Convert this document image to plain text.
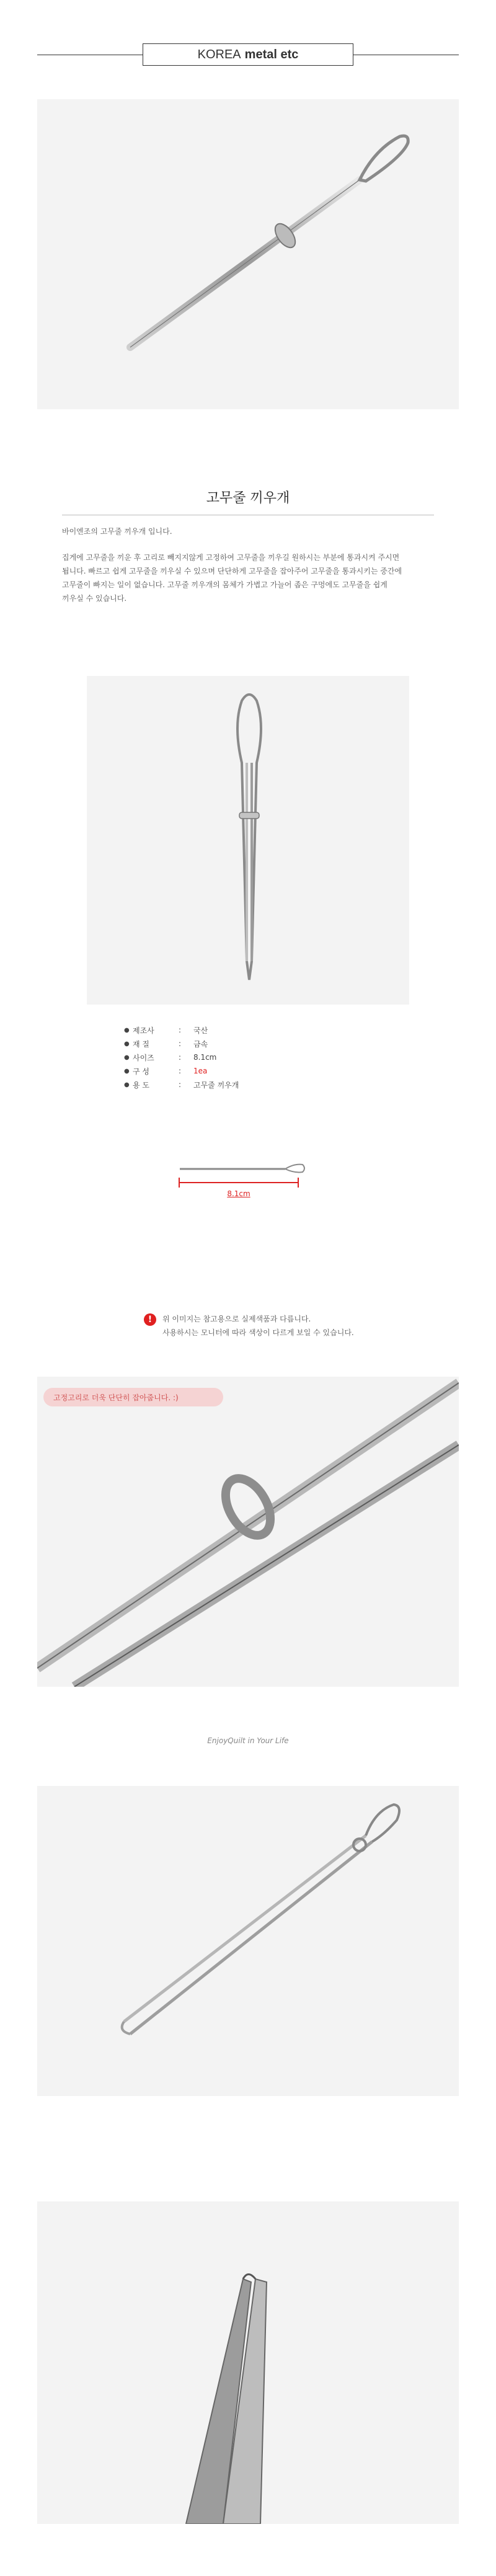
KOREA metal etc
고무줄 끼우개
바이엔조의 고무줄 끼우개 입니다.
집게에 고무줄을 끼운 후 고리로 빼지지않게 고정하여 고무줄을 끼우길 원하시는 부분에 통과시켜 주시면
됩니다. 빠르고 쉽게 고무줄을 끼우실 수 있으며 단단하게 고무줄을 잡아주어 고무줄을 통과시키는 중간에
고무줄이 빠지는 일이 없습니다. 고무줄 끼우개의 몸체가 가볍고 가늘어 좁은 구멍에도 고무줄을 쉽게
끼우실 수 있습니다.
● 제조사	:	국산
● 재 질	:	금속
● 사이즈	:	8.1cm
● 구 성	:	1ea
● 용 도	:	고무줄 끼우개
8.1cm
!	위 이미지는 참고용으로 실제색품과 다릅니다.
사용하시는 모니터에 따라 색상이 다르게 보일 수 있습니다.
고정고리로 더욱 단단히 잡아줍니다. :)
EnjoyQuilt in Your Life
